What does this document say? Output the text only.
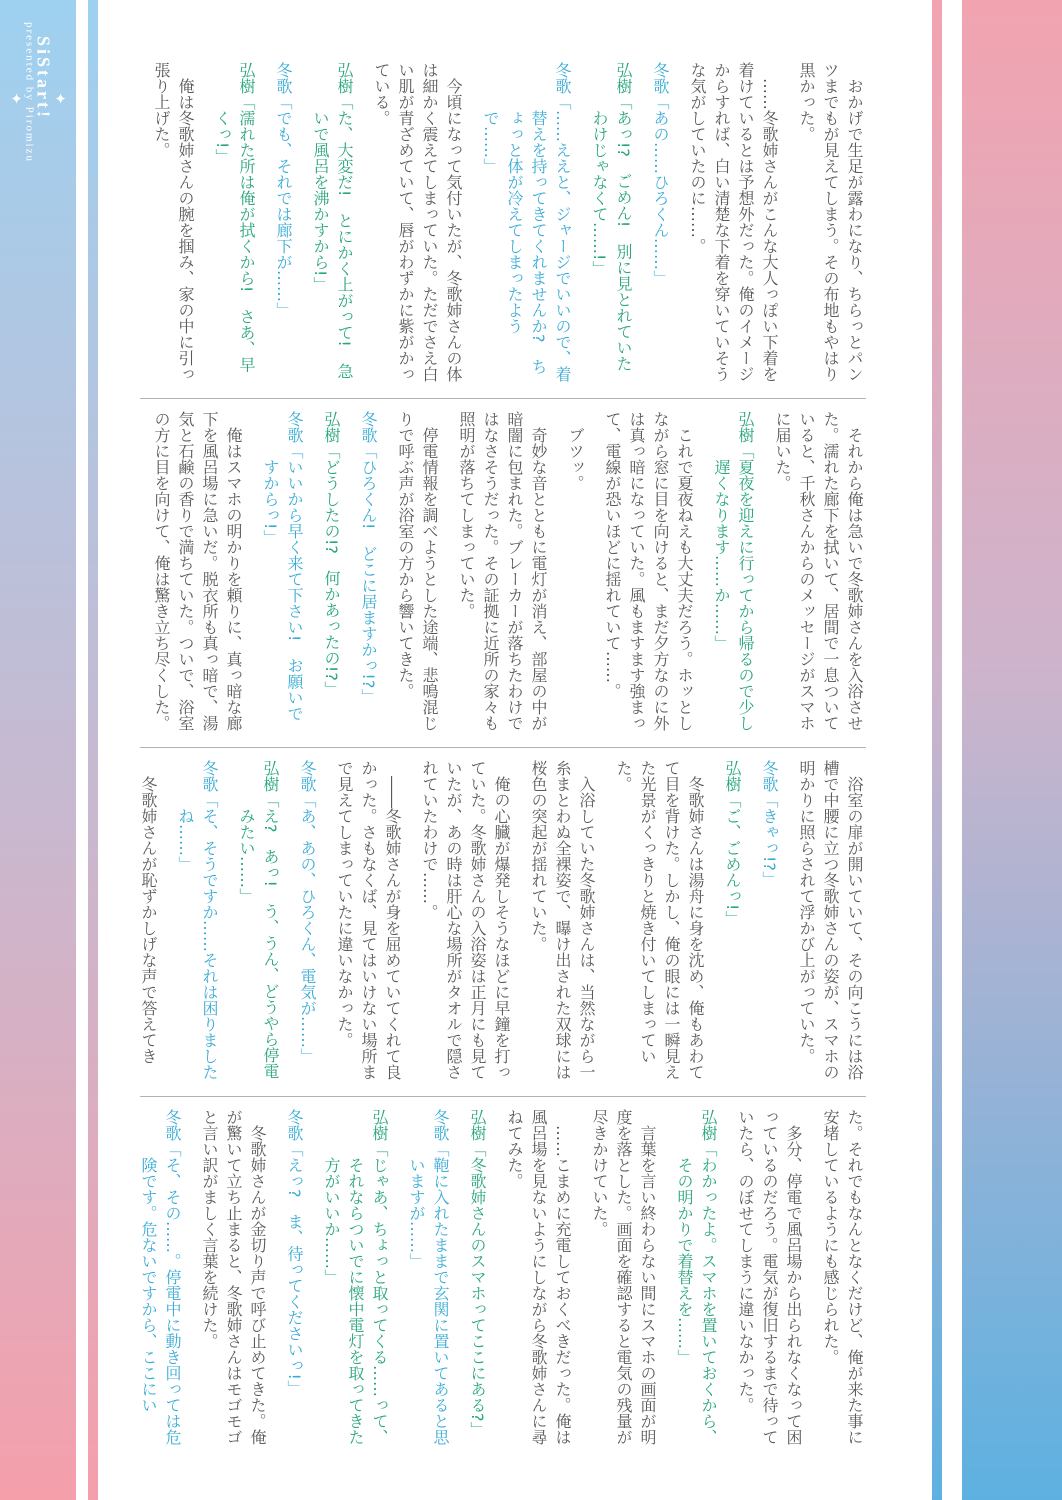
✦
SiStart!
presented by Piromizu
✦	おかげで生足が露わになり、ちらっとパンツまでもが見えてしまう。その布地もやはり黒かった。

……冬歌姉さんがこんな大人っぽい下着を着けているとは予想外だった。俺のイメージからすれば、白い清楚な下着を穿いていそうな気がしていたのに……。

冬歌「あの……ひろくん……」

弘樹「あっ!?　ごめん!　別に見とれていたわけじゃなくて……!」

冬歌「……ええと、ジャージでいいので、着替えを持ってきてくれませんか?　ちょっと体が冷えてしまったようで……」

今頃になって気付いたが、冬歌姉さんの体は細かく震えてしまっていた。ただでさえ白い肌が青ざめていて、唇がわずかに紫がかっている。

弘樹「た、大変だ!　とにかく上がって!　急いで風呂を沸かすから!」

冬歌「でも、それでは廊下が……」

弘樹「濡れた所は俺が拭くから!　さあ、早くっ!」

俺は冬歌姉さんの腕を掴み、家の中に引っ張り上げた。

それから俺は急いで冬歌姉さんを入浴させた。濡れた廊下を拭いて、居間で一息ついていると、千秋さんからのメッセージがスマホに届いた。

弘樹「夏夜を迎えに行ってから帰るので少し遅くなります……か……」

これで夏夜ねえも大丈夫だろう。ホッとしながら窓に目を向けると、まだ夕方なのに外は真っ暗になっていた。風もますます強まって、電線が恐いほどに揺れていて……。

ブツッ。

奇妙な音とともに電灯が消え、部屋の中が暗闇に包まれた。ブレーカーが落ちたわけではなさそうだった。その証拠に近所の家々も照明が落ちてしまっていた。

停電情報を調べようとした途端、悲鳴混じりで呼ぶ声が浴室の方から響いてきた。

冬歌「ひろくん!　どこに居ますかっ!?」

弘樹「どうしたの!?　何かあったの!?」

冬歌「いいから早く来て下さい!　お願いですからっ!」

俺はスマホの明かりを頼りに、真っ暗な廊下を風呂場に急いだ。脱衣所も真っ暗で、湯気と石鹸の香りで満ちていた。ついで、浴室の方に目を向けて、俺は驚き立ち尽くした。

浴室の扉が開いていて、その向こうには浴槽で中腰に立つ冬歌姉さんの姿が、スマホの明かりに照らされて浮かび上がっていた。

冬歌「きゃっ!?」

弘樹「ご、ごめんっ!」

冬歌姉さんは湯舟に身を沈め、俺もあわてて目を背けた。しかし、俺の眼には一瞬見えた光景がくっきりと焼き付いてしまっていた。

入浴していた冬歌姉さんは、当然ながら一糸まとわぬ全裸姿で、曝け出された双球には桜色の突起が揺れていた。

俺の心臓が爆発しそうなほどに早鐘を打っていた。冬歌姉さんの入浴姿は正月にも見ていたが、あの時は肝心な場所がタオルで隠されていたわけで……。

――冬歌姉さんが身を屈めていてくれて良かった。さもなくば、見てはいけない場所まで見えてしまっていたに違いなかった。

冬歌「あ、あの、ひろくん、電気が……」

弘樹「え?　あっ!　う、うん、どうやら停電みたい……」

冬歌「そ、そうですか……それは困りましたね……」

冬歌姉さんが恥ずかしげな声で答えてき

た。それでもなんとなくだけど、俺が来た事に安堵しているようにも感じられた。

多分、停電で風呂場から出られなくなって困っているのだろう。電気が復旧するまで待っていたら、のぼせてしまうに違いなかった。

弘樹「わかったよ。スマホを置いておくから、その明かりで着替えを……」

言葉を言い終わらない間にスマホの画面が明度を落とした。画面を確認すると電気の残量が尽きかけていた。

……こまめに充電しておくべきだった。俺は風呂場を見ないようにしながら冬歌姉さんに尋ねてみた。

弘樹「冬歌姉さんのスマホってここにある?」

冬歌「鞄に入れたままで玄関に置いてあると思いますが……」

弘樹「じゃあ、ちょっと取ってくる……って、それならついでに懐中電灯を取ってきた方がいいか……」

冬歌「えっ?　ま、待ってくださいっ!」

冬歌姉さんが金切り声で呼び止めてきた。俺が驚いて立ち止まると、冬歌姉さんはモゴモゴと言い訳がましく言葉を続けた。

冬歌「そ、その……。停電中に動き回っては危険です。危ないですから、ここにい
